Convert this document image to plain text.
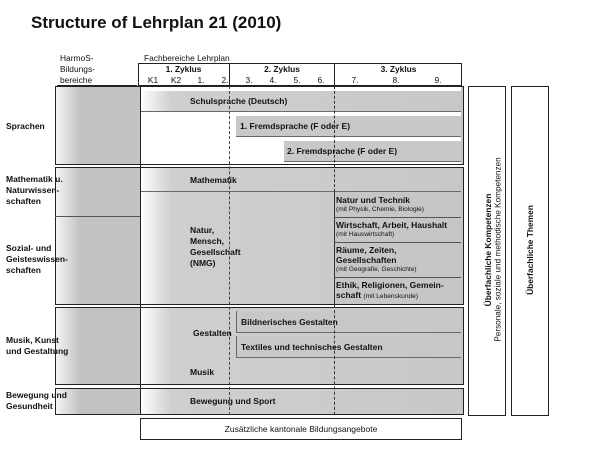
Structure of Lehrplan 21 (2010)
HarmoS-
Bildungs-
bereiche
Fachbereiche Lehrplan
1. Zyklus	2. Zyklus	3. Zyklus
K1	K2	1.	2.	3.	4.	5.	6.	7.	8.	9.
Sprachen
Schulsprache (Deutsch)
1. Fremdsprache (F oder E)
2. Fremdsprache (F oder E)
Mathematik u.
Naturwissen-
schaften
Sozial- und
Geisteswissen-
schaften
Mathematik
Natur,
Mensch,
Gesellschaft
(NMG)
Natur und Technik
(mit Physik, Chemie, Biologie)
Wirtschaft, Arbeit, Haushalt
(mit Hauswirtschaft)
Räume, Zeiten,
Gesellschaften
(mit Geografie, Geschichte)
Ethik, Religionen, Gemein-
schaft (mit Lebenskunde)
Musik, Kunst
und Gestaltung
Gestalten
Bildnerisches Gestalten
Textiles und technisches Gestalten
Musik
Bewegung und
Gesundheit	Bewegung und Sport
Zusätzliche kantonale Bildungsangebote
Überfachliche Kompetenzen Personale, soziale und methodische Kompetenzen	Überfachliche Themen
